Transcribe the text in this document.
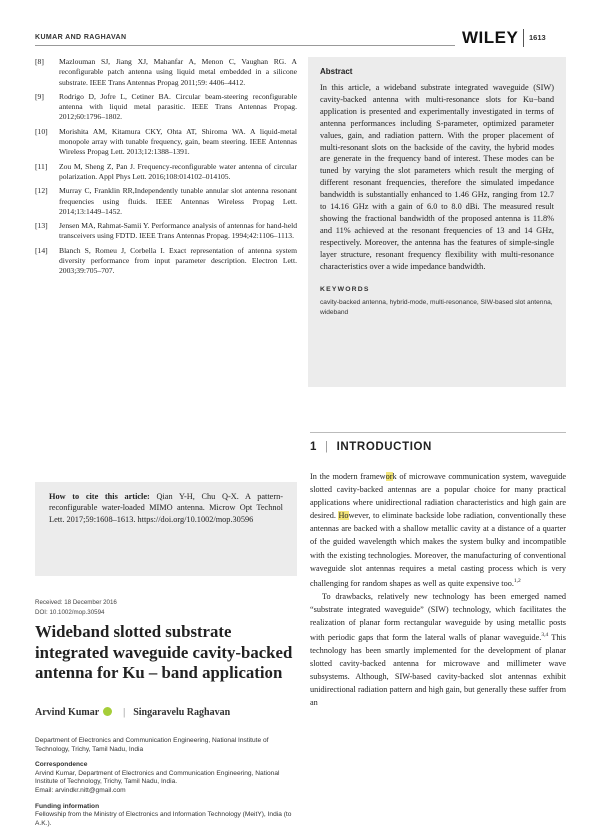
KUMAR AND RAGHAVAN	WILEY 1613
[8]	Mazlouman SJ, Jiang XJ, Mahanfar A, Menon C, Vaughan RG. A reconfigurable patch antenna using liquid metal embedded in a silicone substrate. IEEE Trans Antennas Propag 2011;59: 4406–4412.
[9]	Rodrigo D, Jofre L, Cetiner BA. Circular beam-steering reconfigurable antenna with liquid metal parasitic. IEEE Trans Antennas Propag. 2012;60:1796–1802.
[10]	Morishita AM, Kitamura CKY, Ohta AT, Shiroma WA. A liquid-metal monopole array with tunable frequency, gain, beam steering. IEEE Antennas Wireless Propag Lett. 2013;12:1388–1391.
[11]	Zou M, Sheng Z, Pan J. Frequency-reconfigurable water antenna of circular polarization. Appl Phys Lett. 2016;108:014102–014105.
[12]	Murray C, Franklin RR,Independently tunable annular slot antenna resonant frequencies using fluids. IEEE Antennas Wireless Propag Lett. 2014;13:1449–1452.
[13]	Jensen MA, Rahmat-Samii Y. Performance analysis of antennas for hand-held transceivers using FDTD. IEEE Trans Antennas Propag. 1994;42:1106–1113.
[14]	Blanch S, Romeu J, Corbella I. Exact representation of antenna system diversity performance from input parameter description. Electron Lett. 2003;39:705–707.
How to cite this article: Qian Y-H, Chu Q-X. A pattern-reconfigurable water-loaded MIMO antenna. Microw Opt Technol Lett. 2017;59:1608–1613. https://doi.org/10.1002/mop.30596
Received: 18 December 2016
DOI: 10.1002/mop.30594
Wideband slotted substrate integrated waveguide cavity-backed antenna for Ku – band application
Arvind Kumar | Singaravelu Raghavan
Department of Electronics and Communication Engineering, National Institute of Technology, Trichy, Tamil Nadu, India
Correspondence
Arvind Kumar, Department of Electronics and Communication Engineering, National Institute of Technology, Trichy, Tamil Nadu, India.
Email: arvindkr.nitt@gmail.com
Funding information
Fellowship from the Ministry of Electronics and Information Technology (MeitY), India (to A.K.).
Abstract
In this article, a wideband substrate integrated waveguide (SIW) cavity-backed antenna with multi-resonance slots for Ku−band application is presented and experimentally investigated in terms of antenna performances including S-parameter, optimized parameter values, gain, and radiation pattern. With the proper placement of multi-resonant slots on the backside of the cavity, the hybrid modes are generate in the frequency band of interest. These modes can be tuned by varying the slot parameters which result the merging of different resonant frequencies, therefore the simulated impedance bandwidth is substantially enhanced to 1.46 GHz, ranging from 12.7 to 14.16 GHz with a gain of 6.0 to 8.0 dBi. The measured result showing the fractional bandwidth of the proposed antenna is 11.8% and 11% achieved at the resonant frequencies of 13 and 14 GHz, respectively. Moreover, the antenna has the features of simple-single layer structure, resonant frequency flexibility with multi-resonance characteristics over a wide impedance bandwidth.
KEYWORDS
cavity-backed antenna, hybrid-mode, multi-resonance, SIW-based slot antenna, wideband
1 | INTRODUCTION

In the modern framework of microwave communication system, waveguide slotted cavity-backed antennas are a popular choice for many practical applications where unidirectional radiation characteristics and high gain are desired. However, to eliminate backside lobe radiation, conventionally these antennas are backed with a shallow metallic cavity at a distance of a quarter of the guided wavelength which makes the system bulky and incompatible with the existing technologies. Moreover, the manufacturing of conventional waveguide slot antennas requires a metal casting process which is very challenging for random shapes as well as quite expensive too.$^{1,2}$

To drawbacks, relatively new technology has been emerged named “substrate integrated waveguide” (SIW) technology, which facilitates the realization of planar form rectangular waveguide by using metallic posts with periodic gaps that form the lateral walls of planar waveguide.$^{3,4}$ This technology has been smartly implemented for the development of planar slotted cavity-backed antenna for microwave and millimeter wave subsystems. Although, SIW-based cavity-backed slot antennas exhibit unidirectional radiation pattern and high gain, but generally these suffer from an
